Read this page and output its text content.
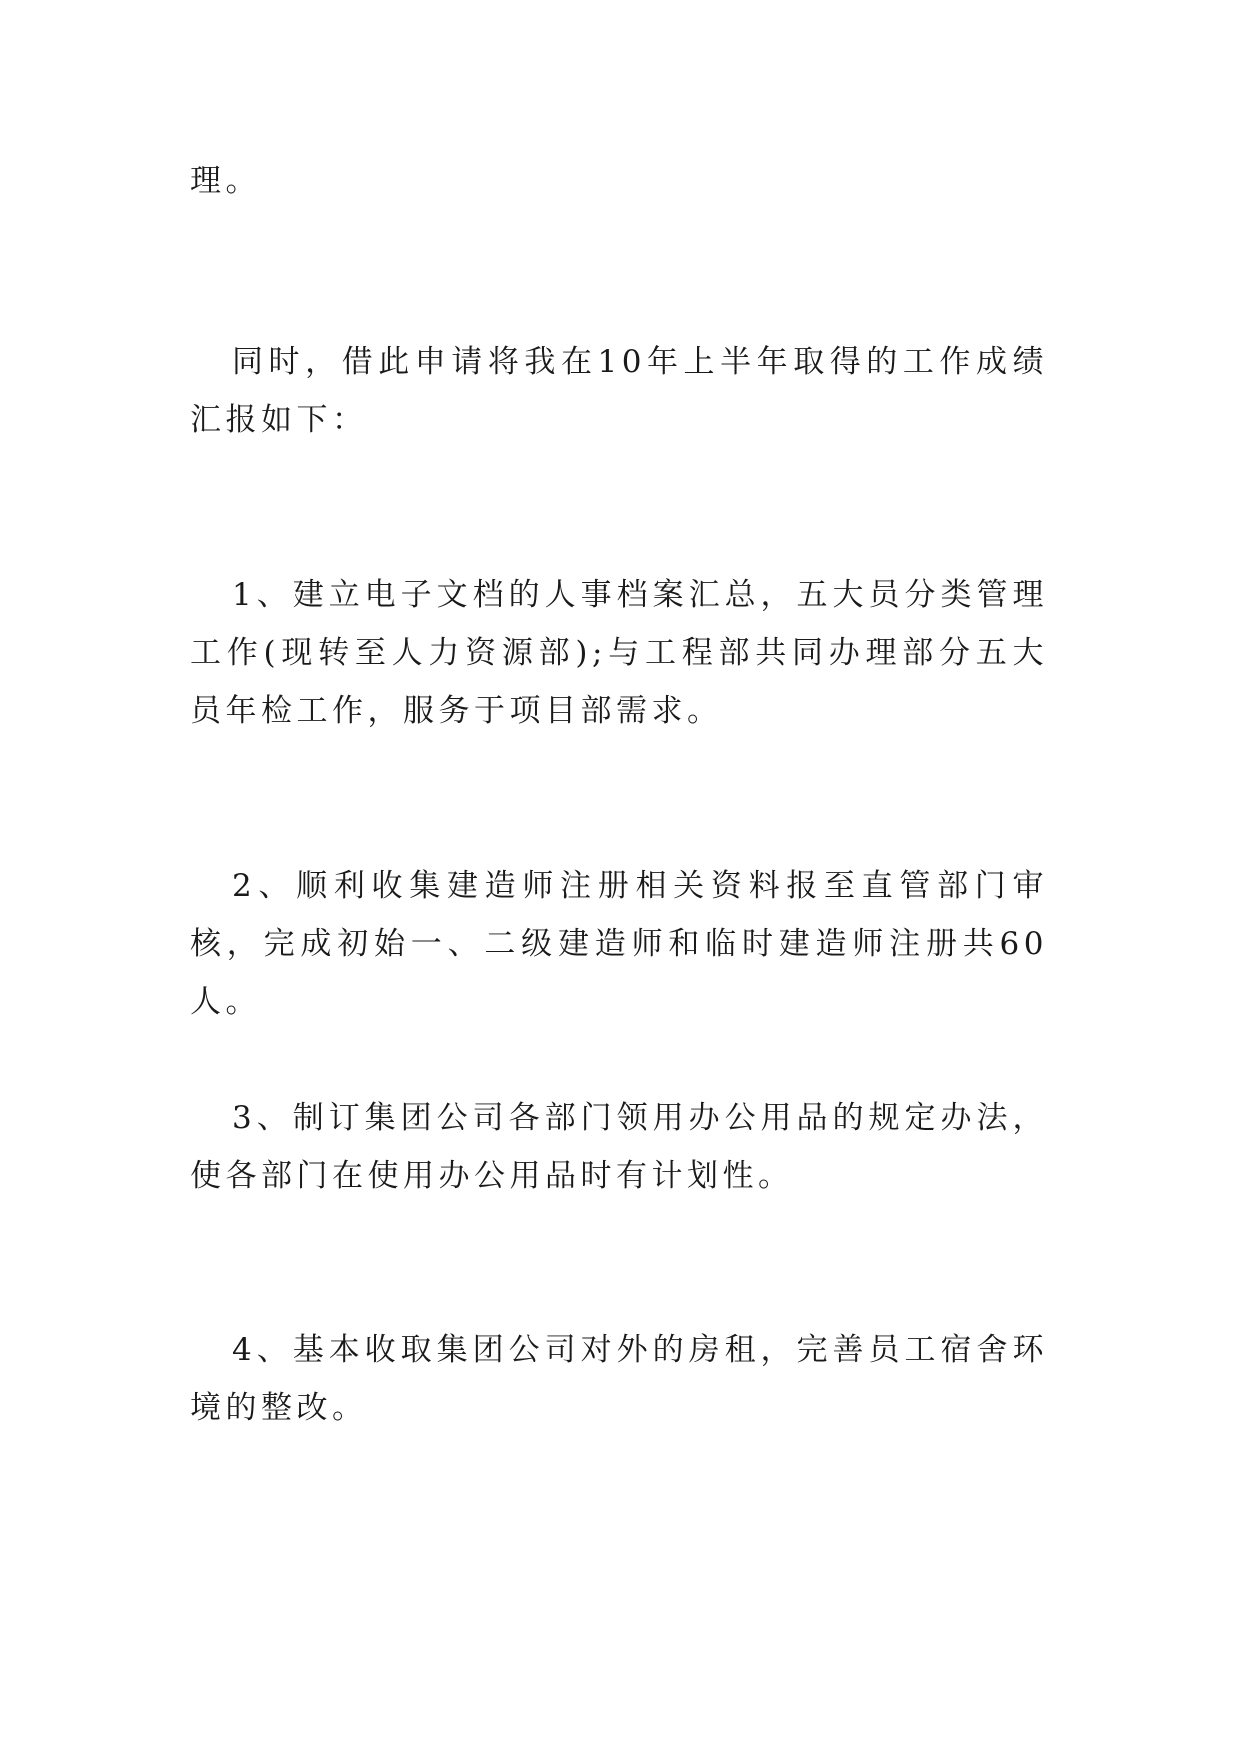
理。

同时，借此申请将我在10年上半年取得的工作成绩汇报如下：

1、建立电子文档的人事档案汇总，五大员分类管理工作(现转至人力资源部);与工程部共同办理部分五大员年检工作，服务于项目部需求。

2、顺利收集建造师注册相关资料报至直管部门审核，完成初始一、二级建造师和临时建造师注册共60人。

3、制订集团公司各部门领用办公用品的规定办法，使各部门在使用办公用品时有计划性。

4、基本收取集团公司对外的房租，完善员工宿舍环境的整改。
